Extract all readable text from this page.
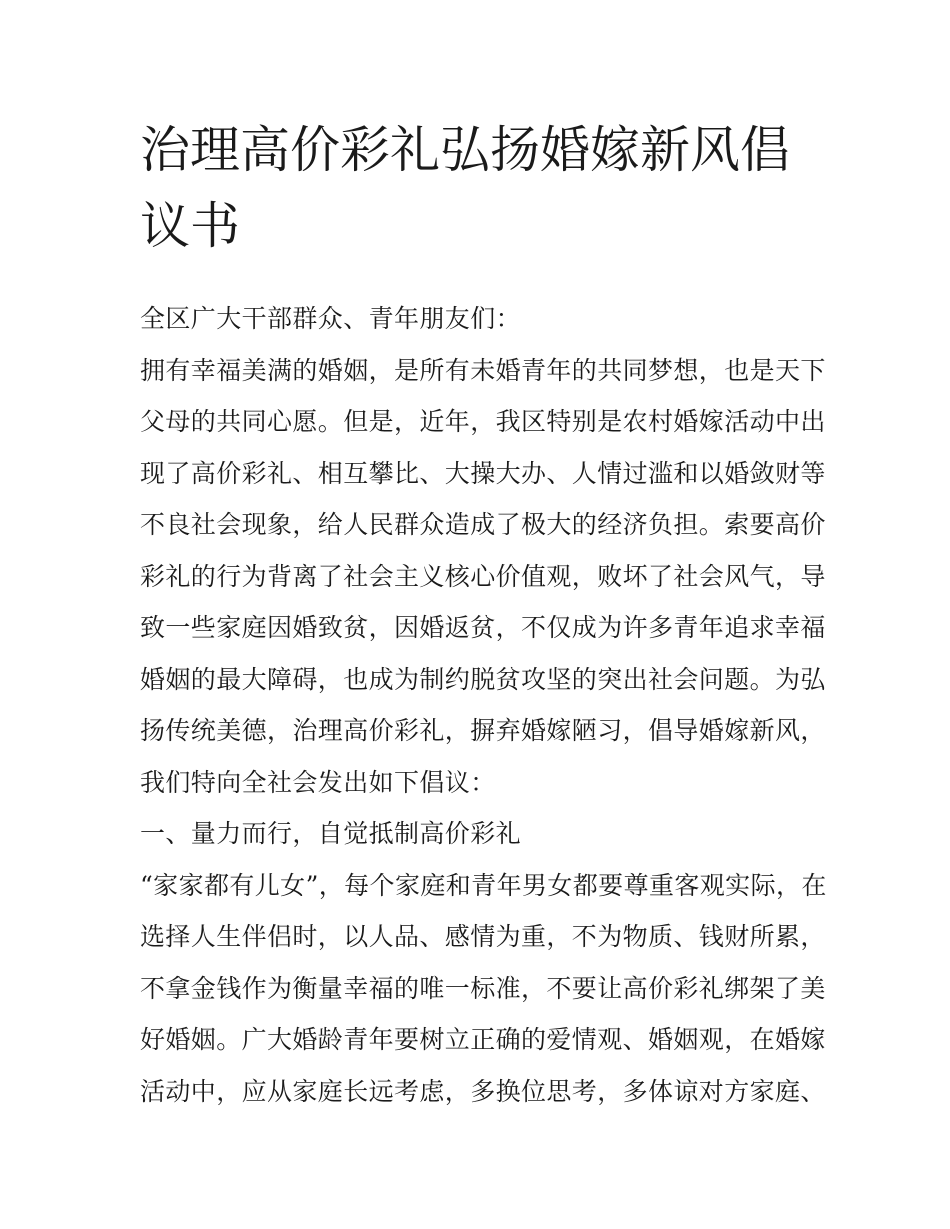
治理高价彩礼弘扬婚嫁新风倡议书
全区广大干部群众、青年朋友们：
拥有幸福美满的婚姻，是所有未婚青年的共同梦想，也是天下
父母的共同心愿。但是，近年，我区特别是农村婚嫁活动中出
现了高价彩礼、相互攀比、大操大办、人情过滥和以婚敛财等
不良社会现象，给人民群众造成了极大的经济负担。索要高价
彩礼的行为背离了社会主义核心价值观，败坏了社会风气，导
致一些家庭因婚致贫，因婚返贫，不仅成为许多青年追求幸福
婚姻的最大障碍，也成为制约脱贫攻坚的突出社会问题。为弘
扬传统美德，治理高价彩礼，摒弃婚嫁陋习，倡导婚嫁新风，
我们特向全社会发出如下倡议：
一、量力而行，自觉抵制高价彩礼
“家家都有儿女”，每个家庭和青年男女都要尊重客观实际，在
选择人生伴侣时，以人品、感情为重，不为物质、钱财所累，
不拿金钱作为衡量幸福的唯一标准，不要让高价彩礼绑架了美
好婚姻。广大婚龄青年要树立正确的爱情观、婚姻观，在婚嫁
活动中，应从家庭长远考虑，多换位思考，多体谅对方家庭、
